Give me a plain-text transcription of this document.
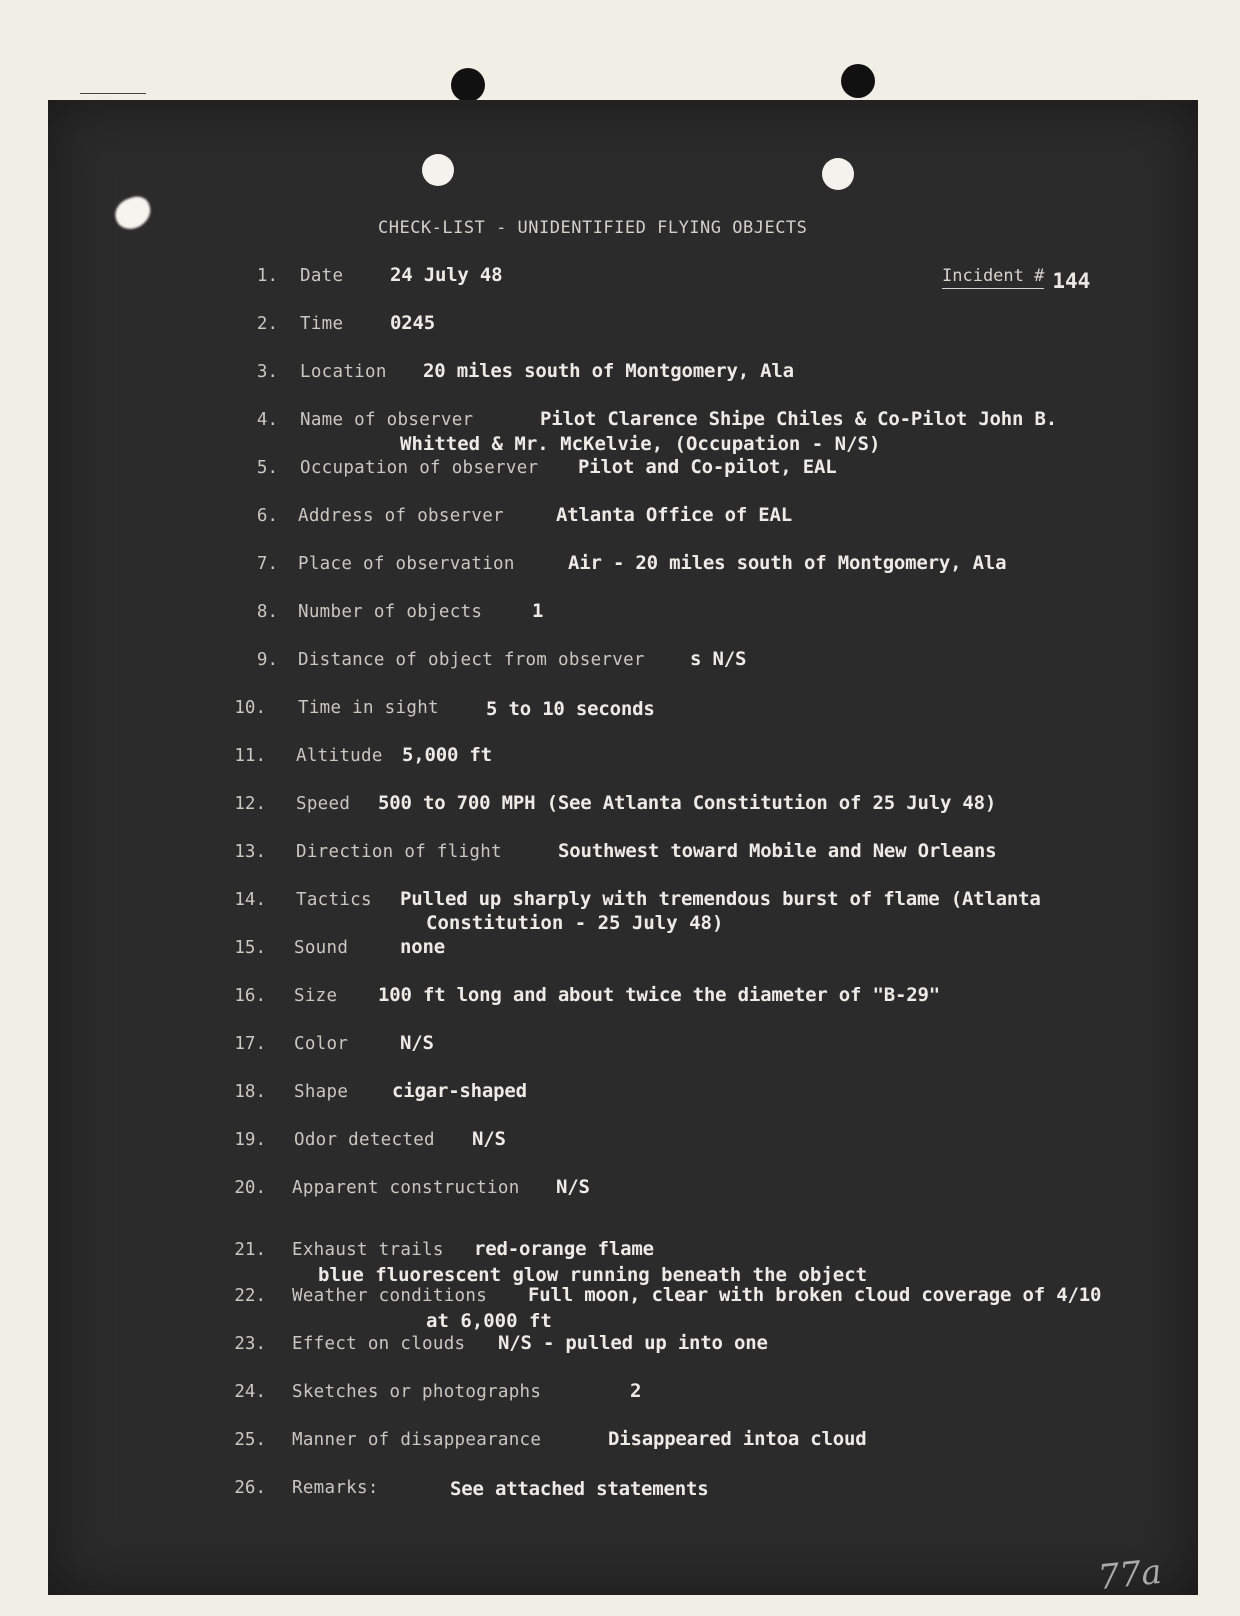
CHECK-LIST - UNIDENTIFIED FLYING OBJECTS
Incident # 144
1. Date 24 July 48
2. Time 0245
3. Location 20 miles south of Montgomery, Ala
4. Name of observer	Pilot Clarence Shipe Chiles & Co-Pilot John B.
Whitted & Mr. McKelvie, (Occupation - N/S)
5. Occupation of observer Pilot and Co-pilot, EAL
6. Address of observer	Atlanta Office of EAL
7. Place of observation	Air - 20 miles south of Montgomery, Ala
8. Number of objects	1
9. Distance of object from observer s N/S
10. Time in sight 5 to 10 seconds
11. Altitude 5,000 ft
12. Speed 500 to 700 MPH (See Atlanta Constitution of 25 July 48)
13. Direction of flight	Southwest toward Mobile and New Orleans
14. Tactics Pulled up sharply with tremendous burst of flame (Atlanta
Constitution - 25 July 48)
15. Sound	none
16. Size 100 ft long and about twice the diameter of "B-29"
17. Color	N/S
18. Shape cigar-shaped
19. Odor detected N/S
20. Apparent construction N/S
21. Exhaust trails red-orange flame
blue fluorescent glow running beneath the object
22. Weather conditions Full moon, clear with broken cloud coverage of 4/10
at 6,000 ft
23. Effect on clouds N/S - pulled up into one
24. Sketches or photographs	2
25. Manner of disappearance	Disappeared intoa cloud
26. Remarks:	See attached statements
77a
